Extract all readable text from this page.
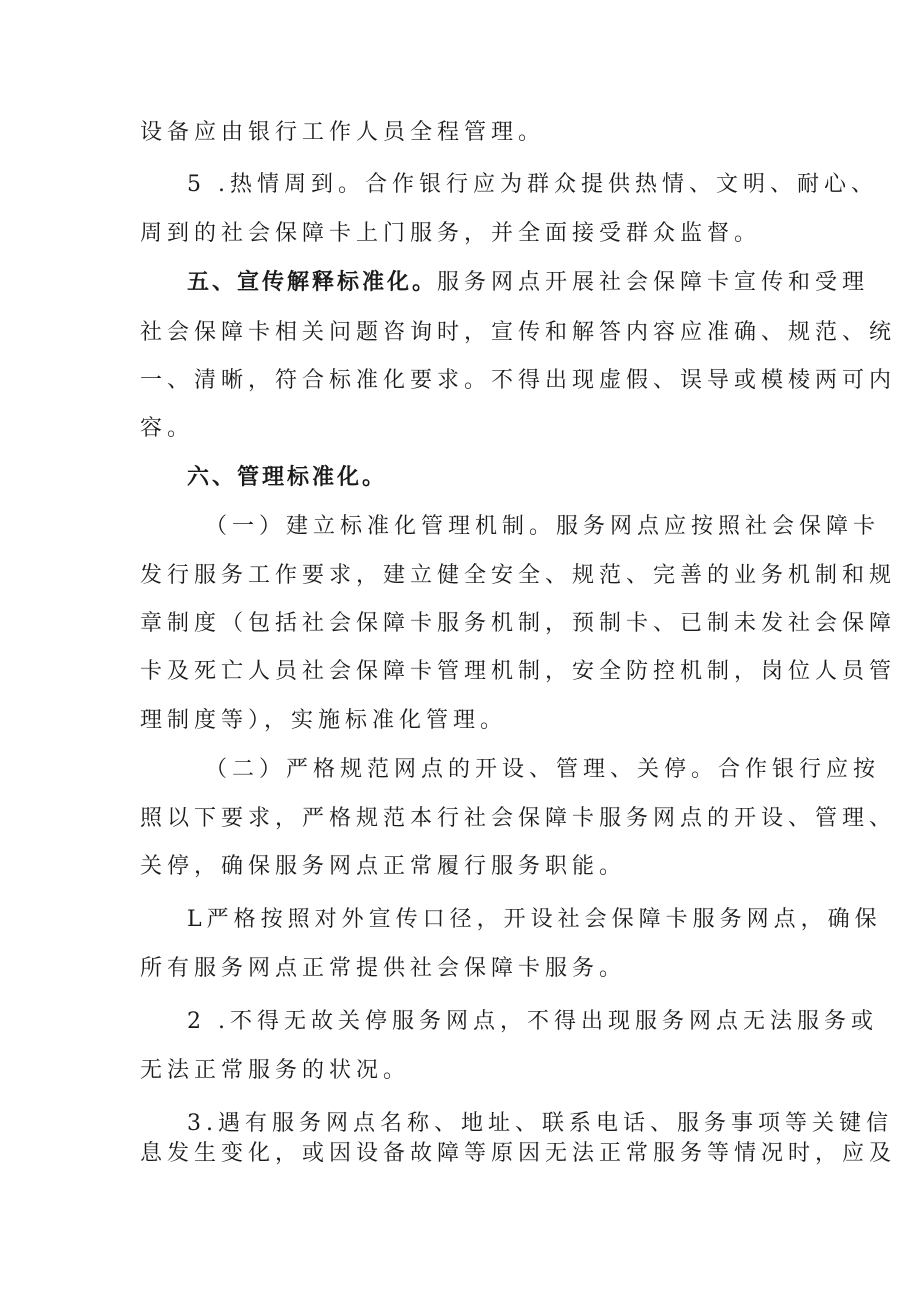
设备应由银行工作人员全程管理。
5 .热情周到。合作银行应为群众提供热情、文明、耐心、
周到的社会保障卡上门服务，并全面接受群众监督。
五、宣传解释标准化。服务网点开展社会保障卡宣传和受理
社会保障卡相关问题咨询时，宣传和解答内容应准确、规范、统
一、清晰，符合标准化要求。不得出现虚假、误导或模棱两可内
容。
六、管理标准化。
（一）建立标准化管理机制。服务网点应按照社会保障卡
发行服务工作要求，建立健全安全、规范、完善的业务机制和规
章制度（包括社会保障卡服务机制，预制卡、已制未发社会保障
卡及死亡人员社会保障卡管理机制，安全防控机制，岗位人员管
理制度等），实施标准化管理。
（二）严格规范网点的开设、管理、关停。合作银行应按
照以下要求，严格规范本行社会保障卡服务网点的开设、管理、
关停，确保服务网点正常履行服务职能。
L严格按照对外宣传口径，开设社会保障卡服务网点，确保
所有服务网点正常提供社会保障卡服务。
2 .不得无故关停服务网点，不得出现服务网点无法服务或
无法正常服务的状况。
3.遇有服务网点名称、地址、联系电话、服务事项等关键信
息发生变化，或因设备故障等原因无法正常服务等情况时，应及
